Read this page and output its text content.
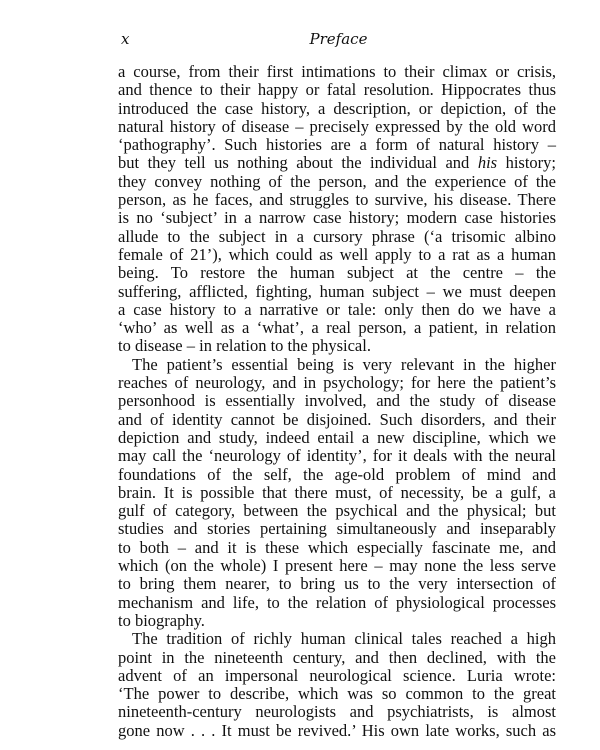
x	Preface
a course, from their first intimations to their climax or crisis,
and thence to their happy or fatal resolution. Hippocrates thus
introduced the case history, a description, or depiction, of the
natural history of disease – precisely expressed by the old word
‘pathography’. Such histories are a form of natural history –
but they tell us nothing about the individual and his history;
they convey nothing of the person, and the experience of the
person, as he faces, and struggles to survive, his disease. There
is no ‘subject’ in a narrow case history; modern case histories
allude to the subject in a cursory phrase (‘a trisomic albino
female of 21’), which could as well apply to a rat as a human
being. To restore the human subject at the centre – the
suffering, afflicted, fighting, human subject – we must deepen
a case history to a narrative or tale: only then do we have a
‘who’ as well as a ‘what’, a real person, a patient, in relation
to disease – in relation to the physical.
The patient’s essential being is very relevant in the higher
reaches of neurology, and in psychology; for here the patient’s
personhood is essentially involved, and the study of disease
and of identity cannot be disjoined. Such disorders, and their
depiction and study, indeed entail a new discipline, which we
may call the ‘neurology of identity’, for it deals with the neural
foundations of the self, the age-old problem of mind and
brain. It is possible that there must, of necessity, be a gulf, a
gulf of category, between the psychical and the physical; but
studies and stories pertaining simultaneously and inseparably
to both – and it is these which especially fascinate me, and
which (on the whole) I present here – may none the less serve
to bring them nearer, to bring us to the very intersection of
mechanism and life, to the relation of physiological processes
to biography.
The tradition of richly human clinical tales reached a high
point in the nineteenth century, and then declined, with the
advent of an impersonal neurological science. Luria wrote:
‘The power to describe, which was so common to the great
nineteenth-century neurologists and psychiatrists, is almost
gone now . . . It must be revived.’ His own late works, such as
